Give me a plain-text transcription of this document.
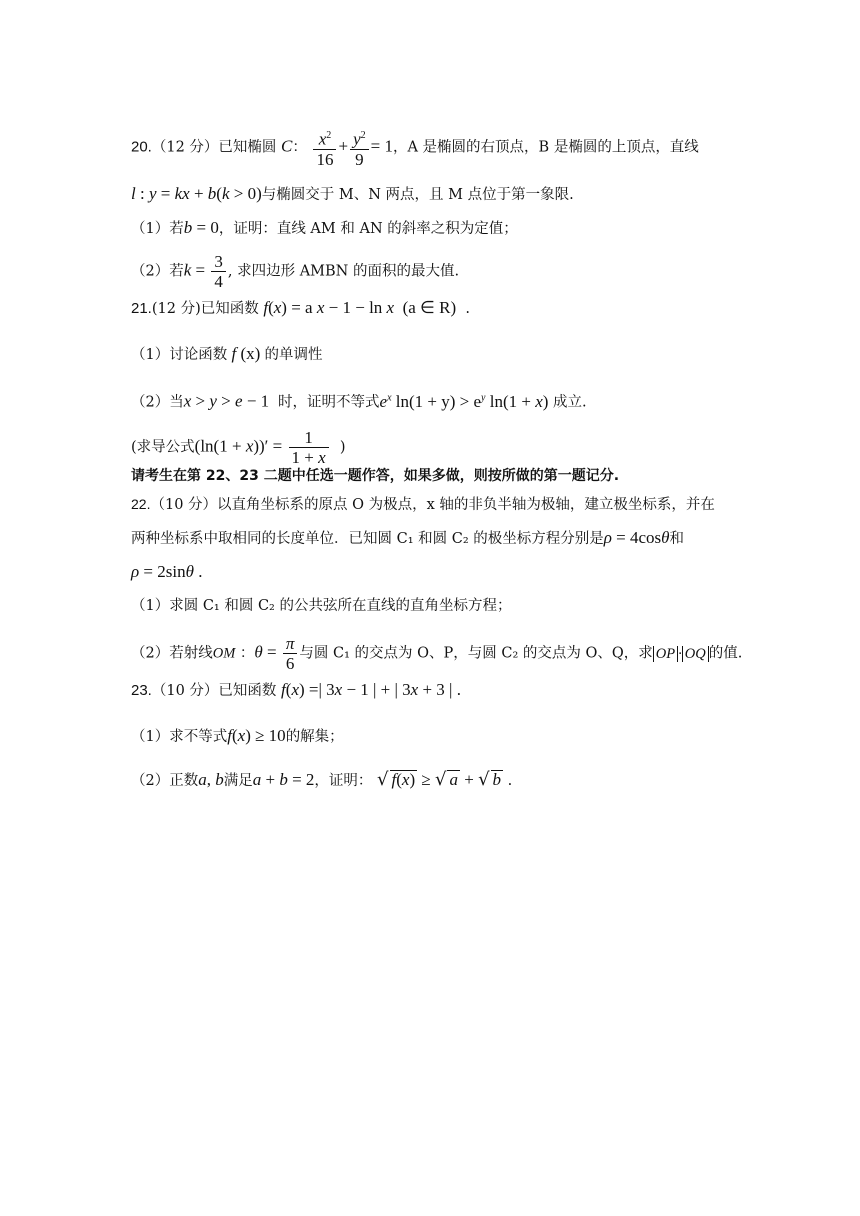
20.（12 分）已知椭圆 C： $\frac{x^2}{16} + \frac{y^2}{9} = 1$，A 是椭圆的右顶点，B 是椭圆的上顶点，直线
l : y = kx + b(k > 0)与椭圆交于 M、N 两点，且 M 点位于第一象限.
（1）若b = 0，证明：直线 AM 和 AN 的斜率之积为定值；
（2）若$k = \frac{3}{4}$ , 求四边形 AMBN 的面积的最大值.
21.(12 分)已知函数 f(x) = a x − 1 − ln x  (a ∈ R)  .
（1）讨论函数 f (x) 的单调性
（2）当x > y > e − 1  时，证明不等式$e^x$ $\ln(1 + y) > e^y$ ln(1 + x) 成立.
(求导公式$(\ln(1 + x))' = \frac{1}{1 + x}$ )
请考生在第 22、23 二题中任选一题作答，如果多做，则按所做的第一题记分.
22.（10 分）以直角坐标系的原点 O 为极点，x 轴的非负半轴为极轴，建立极坐标系，并在
两种坐标系中取相同的长度单位．已知圆 C₁ 和圆 C₂ 的极坐标方程分别是ρ = 4cosθ和
ρ = 2sinθ .
（1）求圆 C₁ 和圆 C₂ 的公共弦所在直线的直角坐标方程；
（2）若射线OM ：$\theta = \frac{\pi}{6}$ 与圆 C₁ 的交点为 O、P，与圆 C₂ 的交点为 O、Q，求 OP · OQ 的值.
23.（10 分）已知函数 f(x) =| 3x − 1 | + | 3x + 3 | .
（1）求不等式f(x) ≥ 10的解集；
（2）正数a, b满足a + b = 2，证明： √ f(x) ≥ √ a + √ b .
